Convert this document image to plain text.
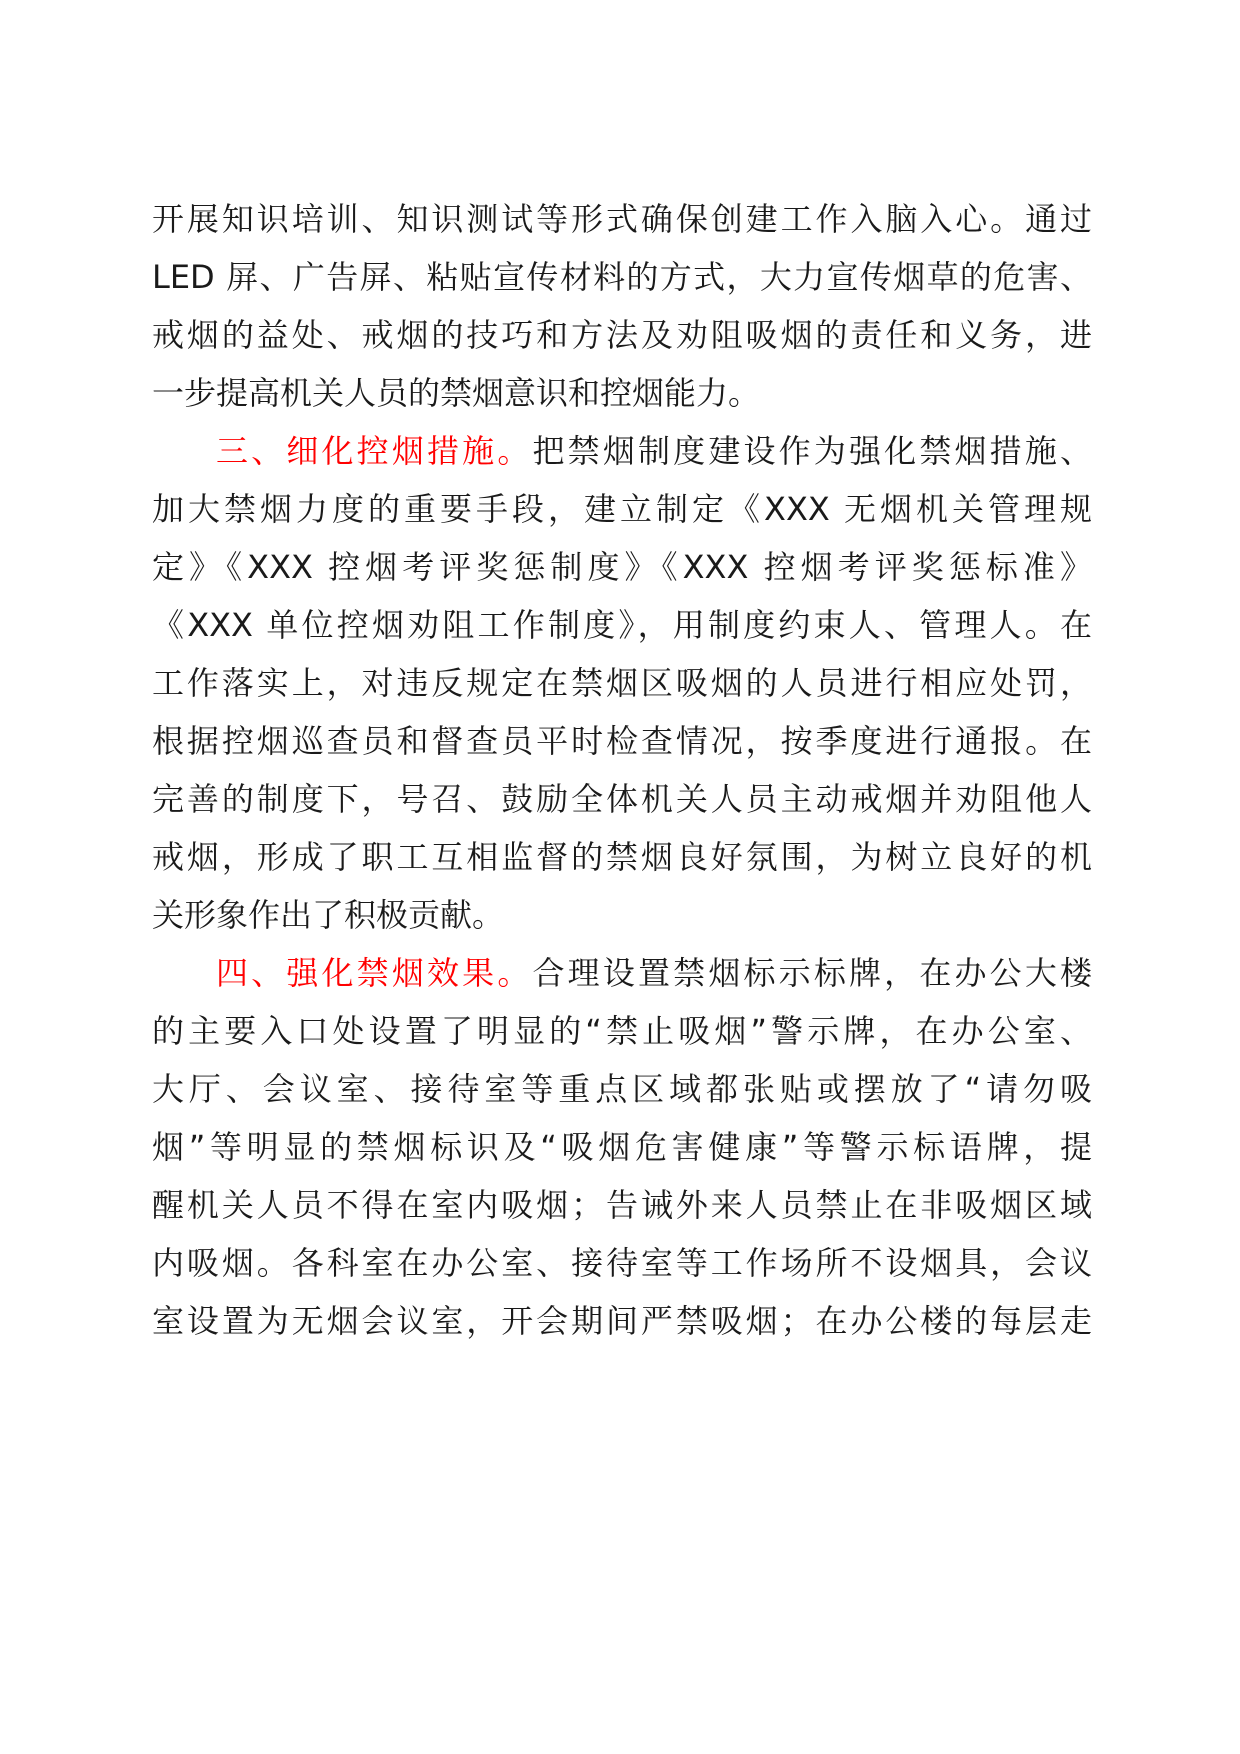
开展知识培训、知识测试等形式确保创建工作入脑入心。通过
LED 屏、广告屏、粘贴宣传材料的方式，大力宣传烟草的危害、
戒烟的益处、戒烟的技巧和方法及劝阻吸烟的责任和义务，进
一步提高机关人员的禁烟意识和控烟能力。
三、细化控烟措施。把禁烟制度建设作为强化禁烟措施、
加大禁烟力度的重要手段，建立制定《XXX 无烟机关管理规
定》《XXX 控烟考评奖惩制度》《XXX 控烟考评奖惩标准》
《XXX 单位控烟劝阻工作制度》，用制度约束人、管理人。在
工作落实上，对违反规定在禁烟区吸烟的人员进行相应处罚，
根据控烟巡查员和督查员平时检查情况，按季度进行通报。在
完善的制度下，号召、鼓励全体机关人员主动戒烟并劝阻他人
戒烟，形成了职工互相监督的禁烟良好氛围，为树立良好的机
关形象作出了积极贡献。
四、强化禁烟效果。合理设置禁烟标示标牌，在办公大楼
的主要入口处设置了明显的“禁止吸烟”警示牌，在办公室、
大厅、会议室、接待室等重点区域都张贴或摆放了“请勿吸
烟”等明显的禁烟标识及“吸烟危害健康”等警示标语牌，提
醒机关人员不得在室内吸烟；告诫外来人员禁止在非吸烟区域
内吸烟。各科室在办公室、接待室等工作场所不设烟具，会议
室设置为无烟会议室，开会期间严禁吸烟；在办公楼的每层走
